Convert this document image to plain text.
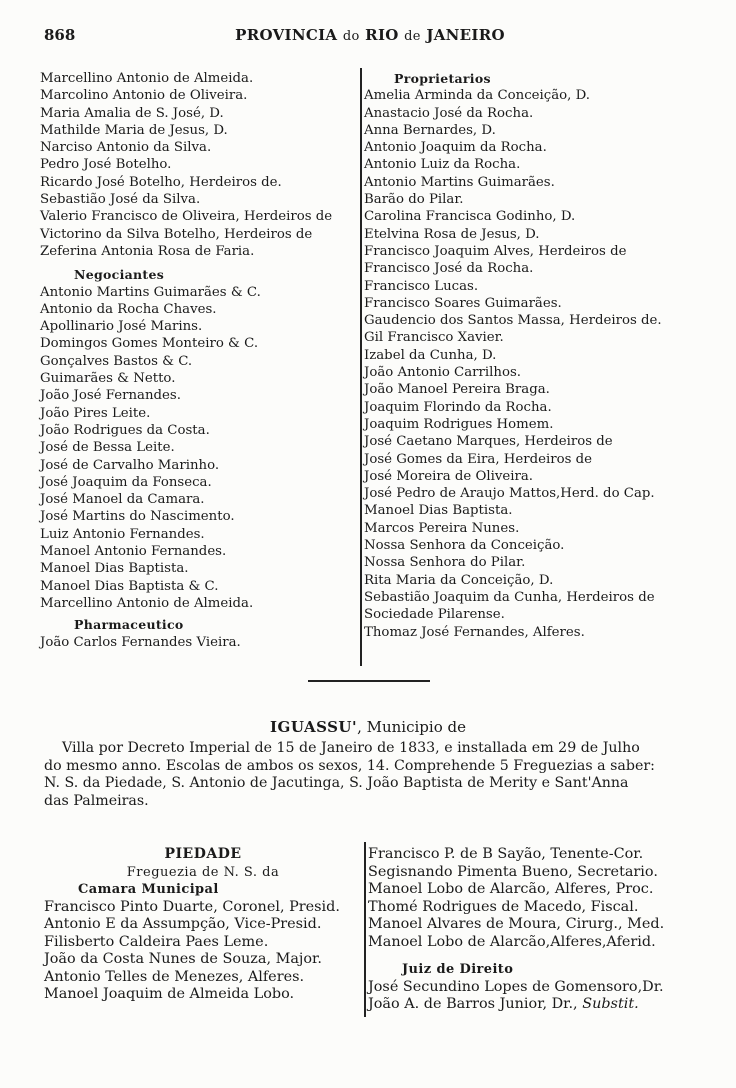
868	PROVINCIA do RIO de JANEIRO
Marcellino Antonio de Almeida.
Marcolino Antonio de Oliveira.
Maria Amalia de S. José, D.
Mathilde Maria de Jesus, D.
Narciso Antonio da Silva.
Pedro José Botelho.
Ricardo José Botelho, Herdeiros de.
Sebastião José da Silva.
Valerio Francisco de Oliveira, Herdeiros de
Victorino da Silva Botelho, Herdeiros de
Zeferina Antonia Rosa de Faria.
Negociantes
Antonio Martins Guimarães & C.
Antonio da Rocha Chaves.
Apollinario José Marins.
Domingos Gomes Monteiro & C.
Gonçalves Bastos & C.
Guimarães & Netto.
João José Fernandes.
João Pires Leite.
João Rodrigues da Costa.
José de Bessa Leite.
José de Carvalho Marinho.
José Joaquim da Fonseca.
José Manoel da Camara.
José Martins do Nascimento.
Luiz Antonio Fernandes.
Manoel Antonio Fernandes.
Manoel Dias Baptista.
Manoel Dias Baptista & C.
Marcellino Antonio de Almeida.
Pharmaceutico
João Carlos Fernandes Vieira.
Proprietarios
Amelia Arminda da Conceição, D.
Anastacio José da Rocha.
Anna Bernardes, D.
Antonio Joaquim da Rocha.
Antonio Luiz da Rocha.
Antonio Martins Guimarães.
Barão do Pilar.
Carolina Francisca Godinho, D.
Etelvina Rosa de Jesus, D.
Francisco Joaquim Alves, Herdeiros de
Francisco José da Rocha.
Francisco Lucas.
Francisco Soares Guimarães.
Gaudencio dos Santos Massa, Herdeiros de.
Gil Francisco Xavier.
Izabel da Cunha, D.
João Antonio Carrilhos.
João Manoel Pereira Braga.
Joaquim Florindo da Rocha.
Joaquim Rodrigues Homem.
José Caetano Marques, Herdeiros de
José Gomes da Eira, Herdeiros de
José Moreira de Oliveira.
José Pedro de Araujo Mattos,Herd. do Cap.
Manoel Dias Baptista.
Marcos Pereira Nunes.
Nossa Senhora da Conceição.
Nossa Senhora do Pilar.
Rita Maria da Conceição, D.
Sebastião Joaquim da Cunha, Herdeiros de
Sociedade Pilarense.
Thomaz José Fernandes, Alferes.
IGUASSU', Municipio de
Villa por Decreto Imperial de 15 de Janeiro de 1833, e installada em 29 de Julho
do mesmo anno. Escolas de ambos os sexos, 14. Comprehende 5 Freguezias a saber:
N. S. da Piedade, S. Antonio de Jacutinga, S. João Baptista de Merity e Sant'Anna
das Palmeiras.
PIEDADE
Freguezia de N. S. da
Camara Municipal
Francisco Pinto Duarte, Coronel, Presid.
Antonio E da Assumpção, Vice-Presid.
Filisberto Caldeira Paes Leme.
João da Costa Nunes de Souza, Major.
Antonio Telles de Menezes, Alferes.
Manoel Joaquim de Almeida Lobo.
Francisco P. de B Sayão, Tenente-Cor.
Segisnando Pimenta Bueno, Secretario.
Manoel Lobo de Alarcão, Alferes, Proc.
Thomé Rodrigues de Macedo, Fiscal.
Manoel Alvares de Moura, Cirurg., Med.
Manoel Lobo de Alarcão,Alferes,Aferid.
Juiz de Direito
José Secundino Lopes de Gomensoro,Dr.
João A. de Barros Junior, Dr., Substit.
